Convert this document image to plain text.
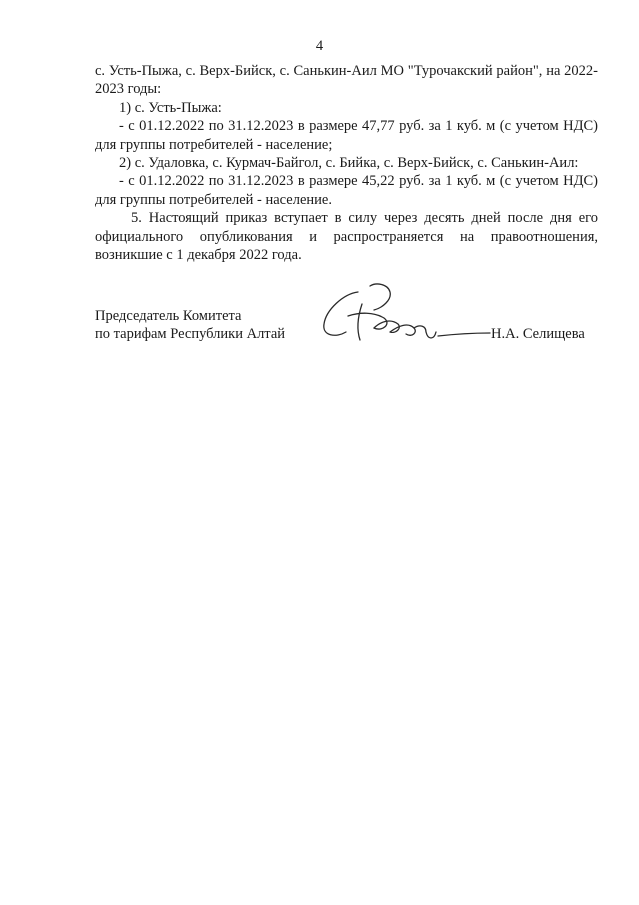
4

с. Усть-Пыжа, с. Верх-Бийск, с. Санькин-Аил МО "Турочакский район", на 2022-2023 годы:

1) с. Усть-Пыжа:

- с 01.12.2022 по 31.12.2023 в размере 47,77 руб. за 1 куб. м (с учетом НДС) для группы потребителей - население;

2) с. Удаловка, с. Курмач-Байгол, с. Бийка, с. Верх-Бийск, с. Санькин-Аил:

- с 01.12.2022 по 31.12.2023 в размере 45,22 руб. за 1 куб. м (с учетом НДС) для группы потребителей - население.

5. Настоящий приказ вступает в силу через десять дней после дня его официального опубликования и распространяется на правоотношения, возникшие с 1 декабря 2022 года.

Председатель Комитета
по тарифам Республики Алтай	Н.А. Селищева
